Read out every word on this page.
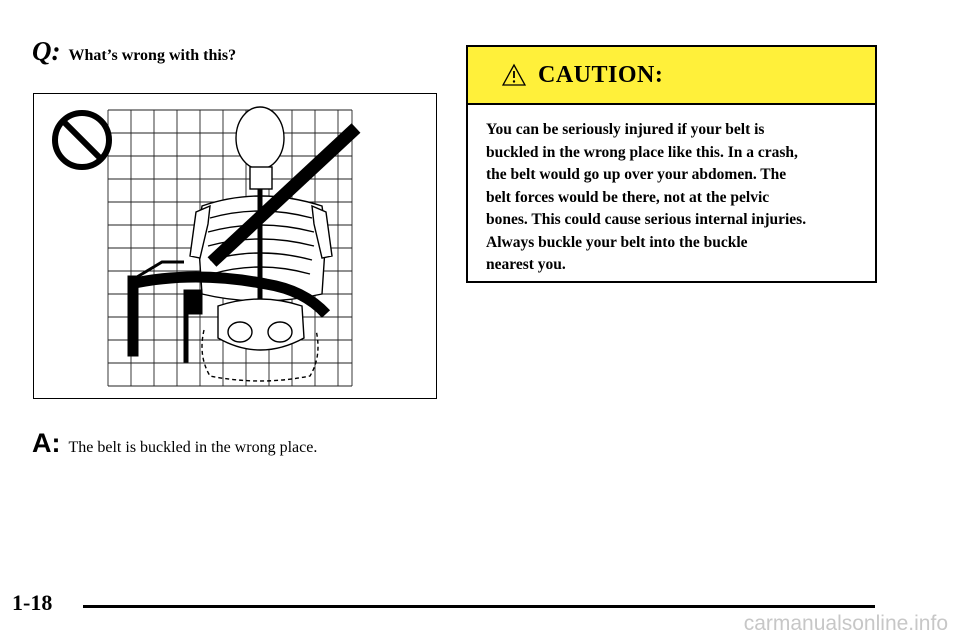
Q: What’s wrong with this?
A: The belt is buckled in the wrong place.
CAUTION:
You can be seriously injured if your belt is
buckled in the wrong place like this. In a crash,
the belt would go up over your abdomen. The
belt forces would be there, not at the pelvic
bones. This could cause serious internal injuries.
Always buckle your belt into the buckle
nearest you.
1-18
carmanualsonline.info
